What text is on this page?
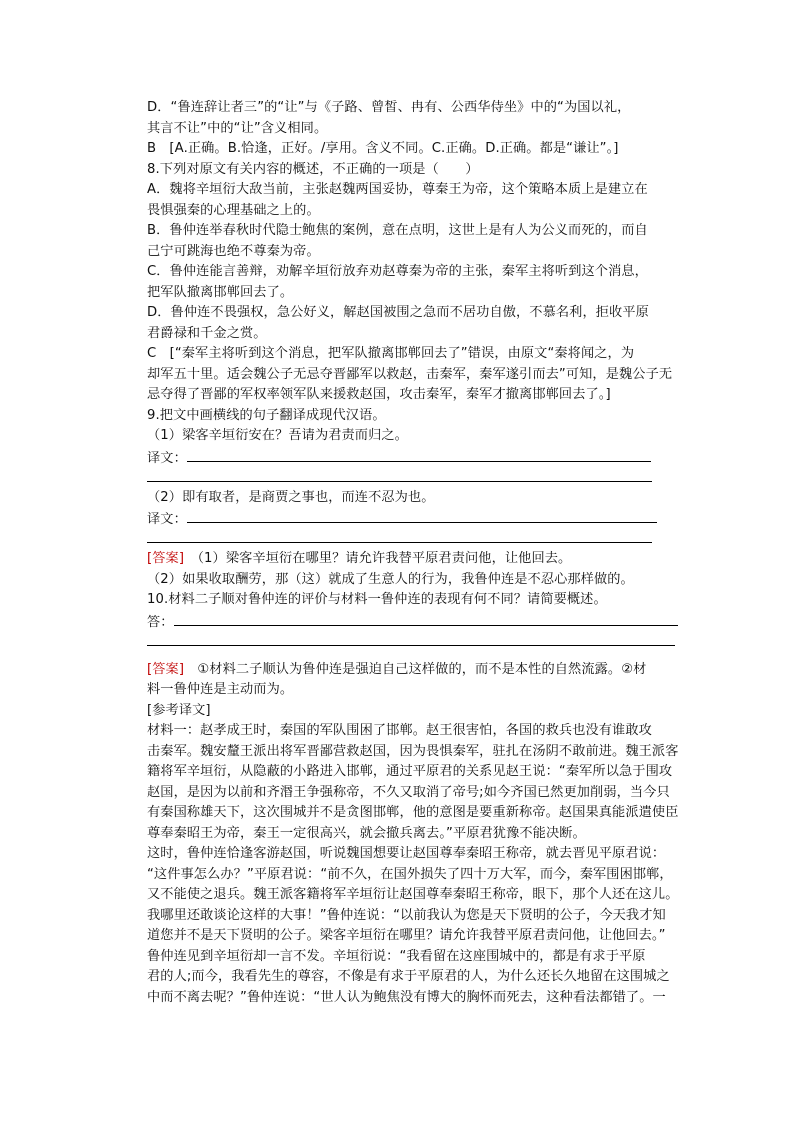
D．“鲁连辞让者三”的“让”与《子路、曾皙、冉有、公西华侍坐》中的“为国以礼，

其言不让”中的“让”含义相同。

B　[A.正确。B.恰逢，正好。/享用。含义不同。C.正确。D.正确。都是“谦让”。]

8.下列对原文有关内容的概述，不正确的一项是（　　）

A．魏将辛垣衍大敌当前，主张赵魏两国妥协，尊秦王为帝，这个策略本质上是建立在

畏惧强秦的心理基础之上的。

B．鲁仲连举春秋时代隐士鲍焦的案例，意在点明，这世上是有人为公义而死的，而自

己宁可跳海也绝不尊秦为帝。

C．鲁仲连能言善辩，劝解辛垣衍放弃劝赵尊秦为帝的主张，秦军主将听到这个消息，

把军队撤离邯郸回去了。

D．鲁仲连不畏强权，急公好义，解赵国被围之急而不居功自傲，不慕名利，拒收平原

君爵禄和千金之赏。

C　[“秦军主将听到这个消息，把军队撤离邯郸回去了”错误，由原文“秦将闻之，为

却军五十里。适会魏公子无忌夺晋鄙军以救赵，击秦军，秦军遂引而去”可知，是魏公子无

忌夺得了晋鄙的军权率领军队来援救赵国，攻击秦军，秦军才撤离邯郸回去了。]

9.把文中画横线的句子翻译成现代汉语。

（1）梁客辛垣衍安在？吾请为君责而归之。

译文：

（2）即有取者，是商贾之事也，而连不忍为也。

译文：

[答案]　（1）梁客辛垣衍在哪里？请允许我替平原君责问他，让他回去。

（2）如果收取酬劳，那（这）就成了生意人的行为，我鲁仲连是不忍心那样做的。

10.材料二子顺对鲁仲连的评价与材料一鲁仲连的表现有何不同？请简要概述。

答：

[答案]　①材料二子顺认为鲁仲连是强迫自己这样做的，而不是本性的自然流露。②材

料一鲁仲连是主动而为。

[参考译文]

材料一：赵孝成王时，秦国的军队围困了邯郸。赵王很害怕，各国的救兵也没有谁敢攻

击秦军。魏安釐王派出将军晋鄙营救赵国，因为畏惧秦军，驻扎在汤阴不敢前进。魏王派客

籍将军辛垣衍，从隐蔽的小路进入邯郸，通过平原君的关系见赵王说：“秦军所以急于围攻

赵国，是因为以前和齐湣王争强称帝，不久又取消了帝号;如今齐国已然更加削弱，当今只

有秦国称雄天下，这次围城并不是贪图邯郸，他的意图是要重新称帝。赵国果真能派遣使臣

尊奉秦昭王为帝，秦王一定很高兴，就会撤兵离去。”平原君犹豫不能决断。

这时，鲁仲连恰逢客游赵国，听说魏国想要让赵国尊奉秦昭王称帝，就去晋见平原君说：

“这件事怎么办？”平原君说：“前不久，在国外损失了四十万大军，而今，秦军围困邯郸，

又不能使之退兵。魏王派客籍将军辛垣衍让赵国尊奉秦昭王称帝，眼下，那个人还在这儿。

我哪里还敢谈论这样的大事！”鲁仲连说：“以前我认为您是天下贤明的公子，今天我才知

道您并不是天下贤明的公子。梁客辛垣衍在哪里？请允许我替平原君责问他，让他回去。”

鲁仲连见到辛垣衍却一言不发。辛垣衍说：“我看留在这座围城中的，都是有求于平原

君的人;而今，我看先生的尊容，不像是有求于平原君的人，为什么还长久地留在这围城之

中而不离去呢？”鲁仲连说：“世人认为鲍焦没有博大的胸怀而死去，这种看法都错了。一
